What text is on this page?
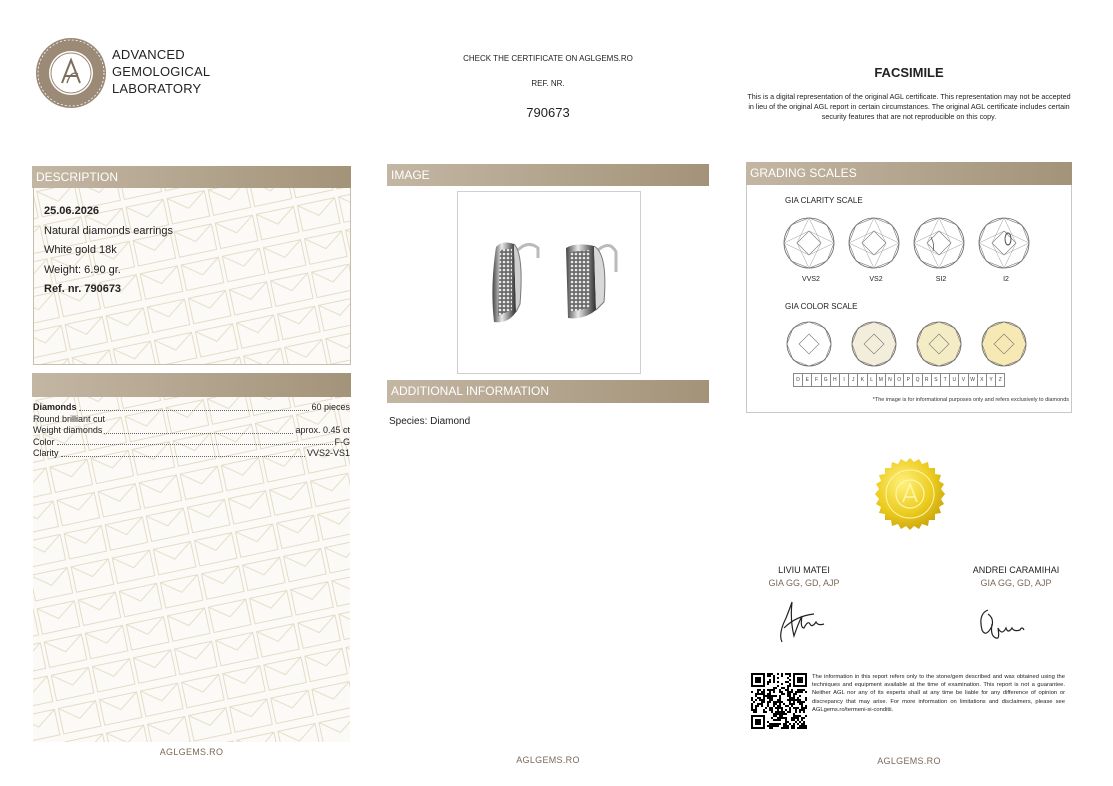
ADVANCED
GEMOLOGICAL
LABORATORY
DESCRIPTION
25.06.2026
Natural diamonds earrings
White gold 18k
Weight: 6.90 gr.
Ref. nr. 790673
Diamonds	60 pieces
Round brilliant cut
Weight diamonds	aprox. 0.45 ct
Color	F-G
Clarity	VVS2-VS1
AGLGEMS.RO
CHECK THE CERTIFICATE ON AGLGEMS.RO
REF. NR.
790673
IMAGE
ADDITIONAL INFORMATION
Species: Diamond
AGLGEMS.RO
FACSIMILE
This is a digital representation of the original AGL certificate. This representation may not be accepted in lieu of the original AGL report in certain circumstances. The original AGL certificate includes certain security features that are not reproducible on this copy.
GRADING SCALES
GIA CLARITY SCALE
VVS2	VS2	SI2	I2
GIA COLOR SCALE
D E F G H I J K L M N O P Q R S T U V W X Y Z
*The image is for informational purposes only and refers exclusively to diamonds
LIVIU MATEI
GIA GG, GD, AJP
ANDREI CARAMIHAI
GIA GG, GD, AJP
The information in this report refers only to the stone/gem described and was obtained using the techniques and equipment available at the time of examination. This report is not a guarantee. Neither AGL nor any of its experts shall at any time be liable for any difference of opinion or discrepancy that may arise. For more information on limitations and disclaimers, please see AGLgems.ro/termeni-si-conditii.
AGLGEMS.RO
